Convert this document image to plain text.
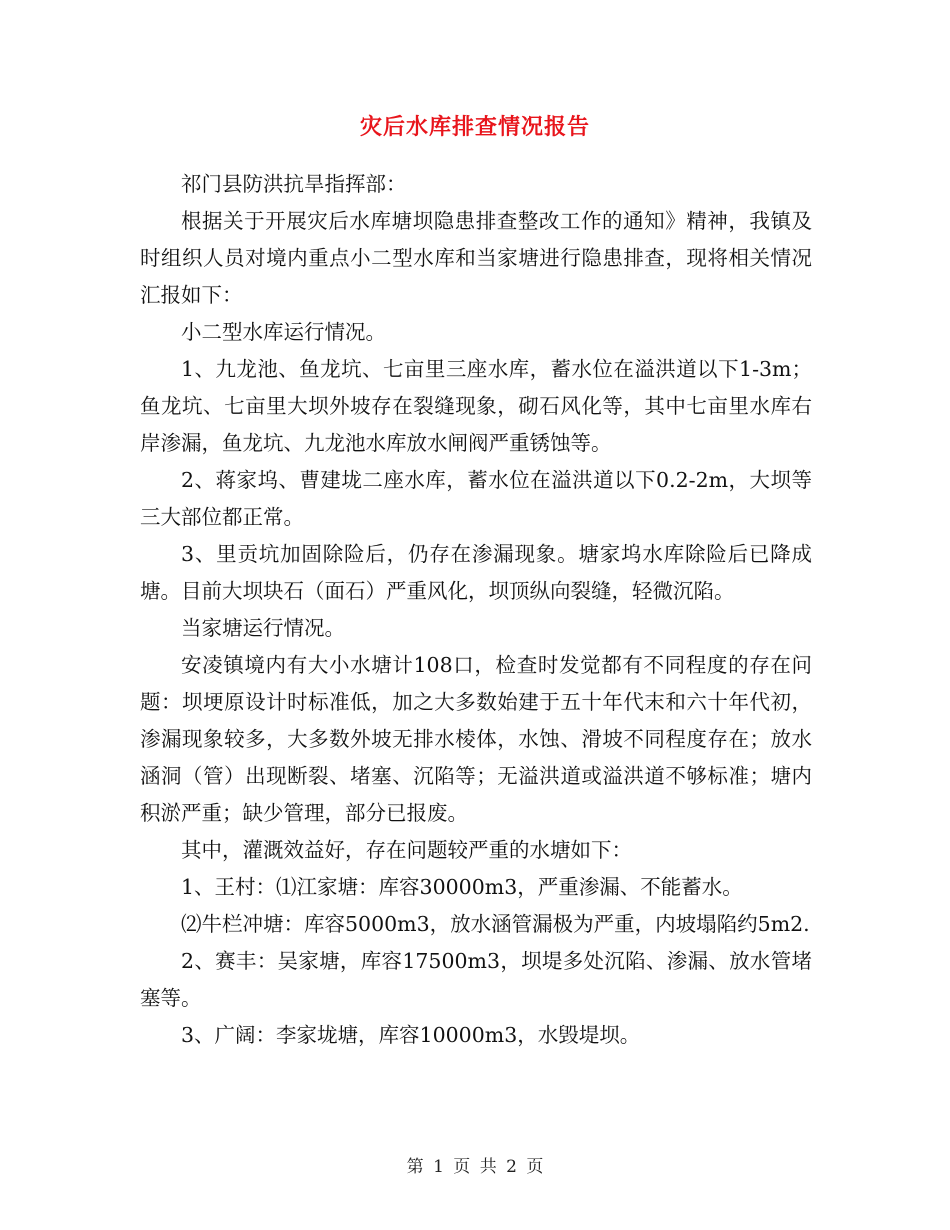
灾后水库排查情况报告

祁门县防洪抗旱指挥部：

根据关于开展灾后水库塘坝隐患排查整改工作的通知》精神，我镇及时组织人员对境内重点小二型水库和当家塘进行隐患排查，现将相关情况汇报如下：

小二型水库运行情况。

1、九龙池、鱼龙坑、七亩里三座水库，蓄水位在溢洪道以下1-3m；鱼龙坑、七亩里大坝外坡存在裂缝现象，砌石风化等，其中七亩里水库右岸渗漏，鱼龙坑、九龙池水库放水闸阀严重锈蚀等。

2、蒋家坞、曹建垅二座水库，蓄水位在溢洪道以下0.2-2m，大坝等三大部位都正常。

3、里贡坑加固除险后，仍存在渗漏现象。塘家坞水库除险后已降成塘。目前大坝块石（面石）严重风化，坝顶纵向裂缝，轻微沉陷。

当家塘运行情况。

安凌镇境内有大小水塘计108口，检查时发觉都有不同程度的存在问题：坝埂原设计时标准低，加之大多数始建于五十年代末和六十年代初，渗漏现象较多，大多数外坡无排水棱体，水蚀、滑坡不同程度存在；放水涵洞（管）出现断裂、堵塞、沉陷等；无溢洪道或溢洪道不够标准；塘内积淤严重；缺少管理，部分已报废。

其中，灌溉效益好，存在问题较严重的水塘如下：

1、王村：⑴江家塘：库容30000m3，严重渗漏、不能蓄水。

⑵牛栏冲塘：库容5000m3，放水涵管漏极为严重，内坡塌陷约5m2.

2、赛丰：吴家塘，库容17500m3，坝堤多处沉陷、渗漏、放水管堵塞等。

3、广阔：李家垅塘，库容10000m3，水毁堤坝。

第 1 页 共 2 页
